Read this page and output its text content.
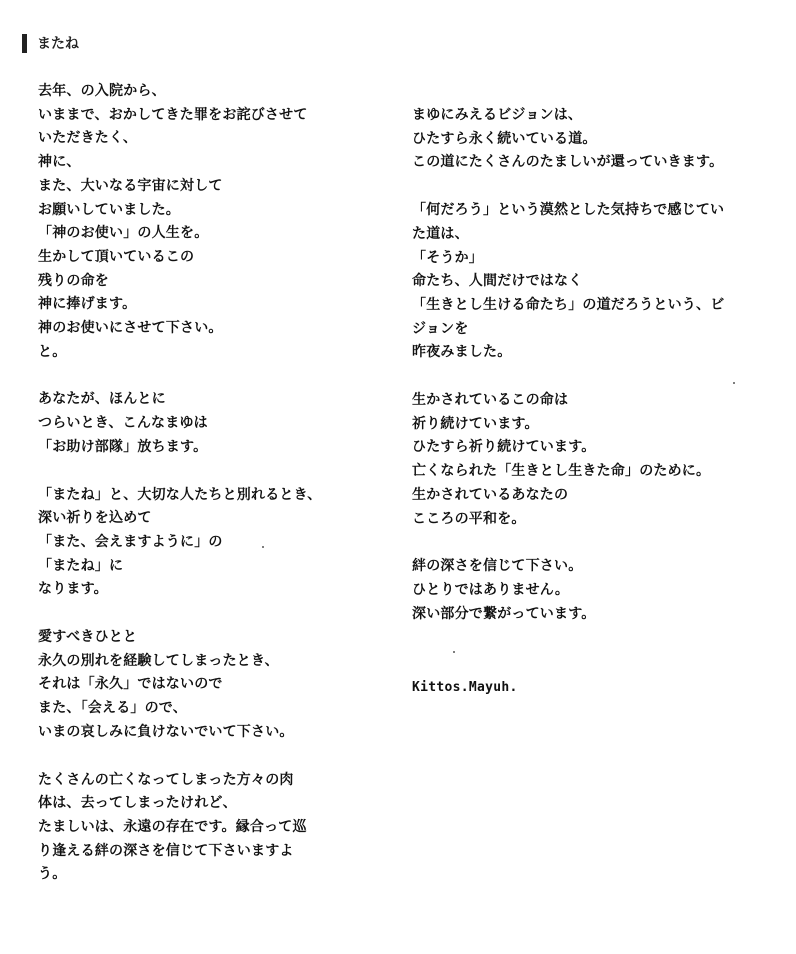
またね
去年、の入院から、
いままで、おかしてきた罪をお詫びさせて
いただきたく、
神に、
また、大いなる宇宙に対して
お願いしていました。
「神のお使い」の人生を。
生かして頂いているこの
残りの命を
神に捧げます。
神のお使いにさせて下さい。
と。
あなたが、ほんとに
つらいとき、こんなまゆは
「お助け部隊」放ちます。
「またね」と、大切な人たちと別れるとき、
深い祈りを込めて
「また、会えますように」の
「またね」に
なります。
愛すべきひとと
永久の別れを経験してしまったとき、
それは「永久」ではないので
また、「会える」ので、
いまの哀しみに負けないでいて下さい。
たくさんの亡くなってしまった方々の肉
体は、去ってしまったけれど、
たましいは、永遠の存在です。縁合って巡
り逢える絆の深さを信じて下さいますよ
う。
まゆにみえるビジョンは、
ひたすら永く続いている道。
この道にたくさんのたましいが還っていきます。
「何だろう」という漠然とした気持ちで感じてい
た道は、
「そうか」
命たち、人間だけではなく
「生きとし生ける命たち」の道だろうという、ビ
ジョンを
昨夜みました。
生かされているこの命は
祈り続けています。
ひたすら祈り続けています。
亡くなられた「生きとし生きた命」のために。
生かされているあなたの
こころの平和を。
絆の深さを信じて下さい。
ひとりではありません。
深い部分で繋がっています。
Kittos.Mayuh.
